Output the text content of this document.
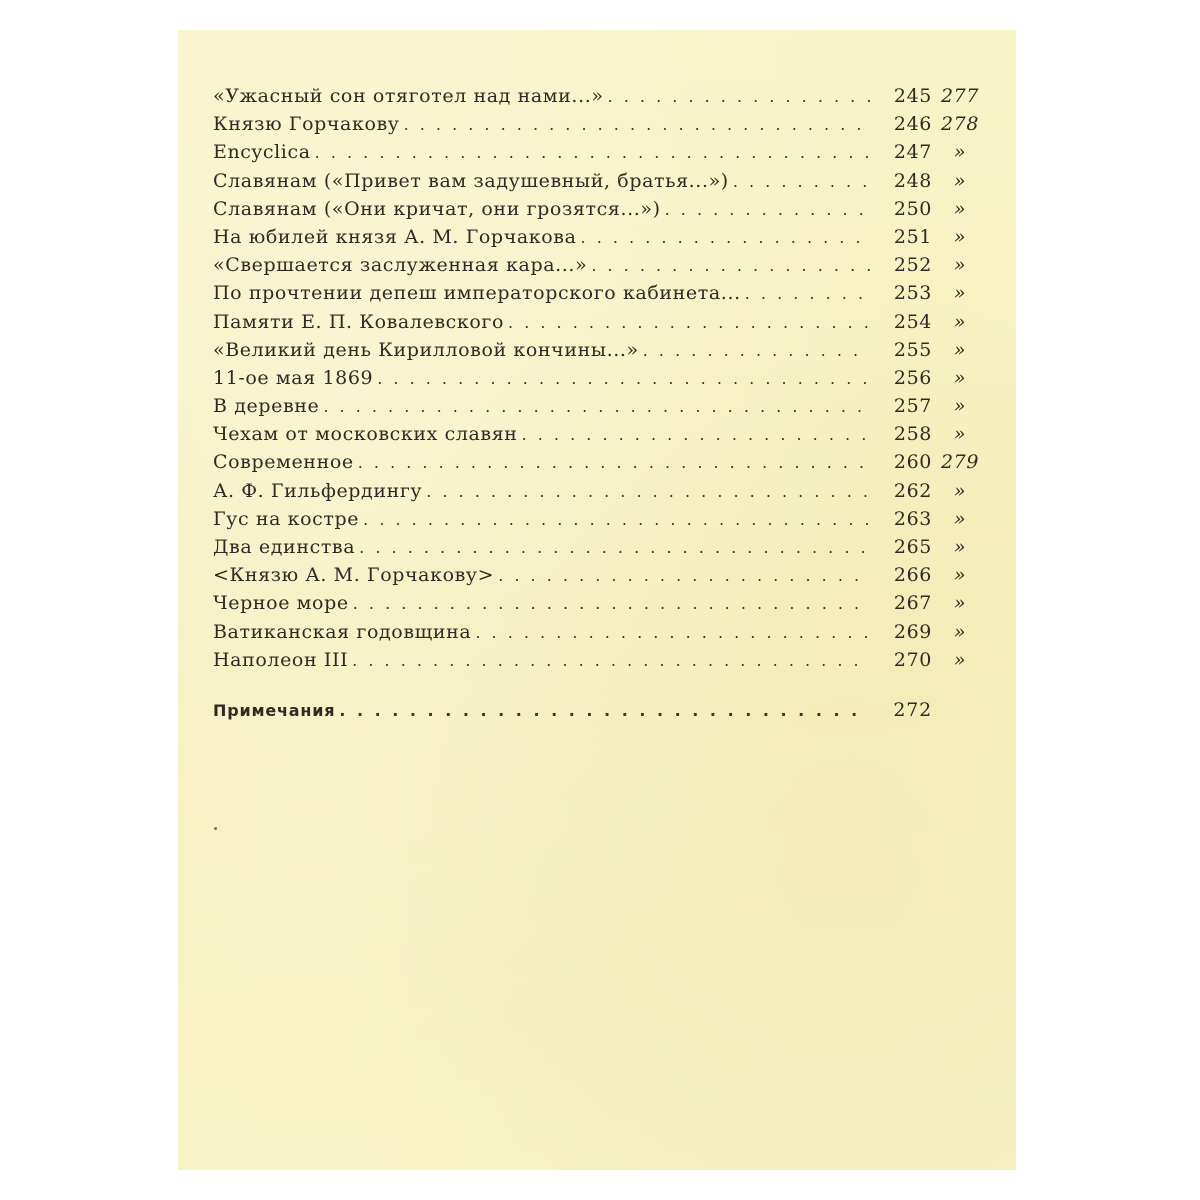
«Ужасный сон отяготел над нами...» . . .	245 277
Князю Горчакову . . .	246 278
Encyclica . . .	247	»
Славянам («Привет вам задушевный, братья...») . . .	248	»
Славянам («Они кричат, они грозятся...») . . .	250	»
На юбилей князя А. М. Горчакова . . .	251	»
«Свершается заслуженная кара...» . . .	252	»
По прочтении депеш императорского кабинета... . . .	253	»
Памяти Е. П. Ковалевского . . .	254	»
«Великий день Кирилловой кончины...» . . .	255	»
11-ое мая 1869 . . .	256	»
В деревне . . .	257	»
Чехам от московских славян . . .	258	»
Современное . . .	260 279
А. Ф. Гильфердингу . . .	262	»
Гус на костре . . .	263	»
Два единства . . .	265	»
<Князю А. М. Горчакову> . . .	266	»
Черное море . . .	267	»
Ватиканская годовщина . . .	269	»
Наполеон III . . .	270	»
Примечания . . .	272
